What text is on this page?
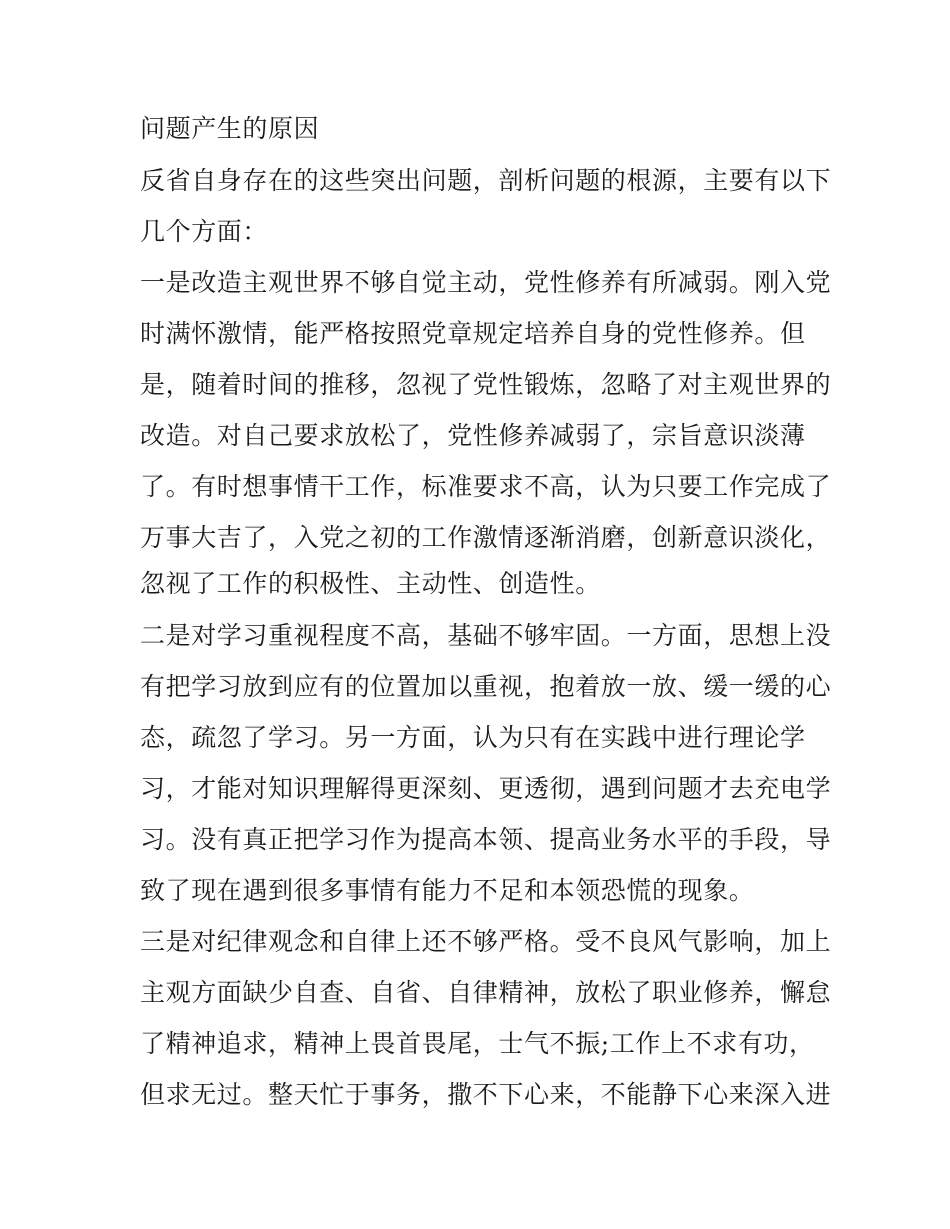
问题产生的原因

反省自身存在的这些突出问题，剖析问题的根源，主要有以下

几个方面：

一是改造主观世界不够自觉主动，党性修养有所减弱。刚入党

时满怀激情，能严格按照党章规定培养自身的党性修养。但

是，随着时间的推移，忽视了党性锻炼，忽略了对主观世界的

改造。对自己要求放松了，党性修养减弱了，宗旨意识淡薄

了。有时想事情干工作，标准要求不高，认为只要工作完成了

万事大吉了，入党之初的工作激情逐渐消磨，创新意识淡化，

忽视了工作的积极性、主动性、创造性。

二是对学习重视程度不高，基础不够牢固。一方面，思想上没

有把学习放到应有的位置加以重视，抱着放一放、缓一缓的心

态，疏忽了学习。另一方面，认为只有在实践中进行理论学

习，才能对知识理解得更深刻、更透彻，遇到问题才去充电学

习。没有真正把学习作为提高本领、提高业务水平的手段，导

致了现在遇到很多事情有能力不足和本领恐慌的现象。

三是对纪律观念和自律上还不够严格。受不良风气影响，加上

主观方面缺少自查、自省、自律精神，放松了职业修养，懈怠

了精神追求，精神上畏首畏尾，士气不振;工作上不求有功，

但求无过。整天忙于事务，撒不下心来，不能静下心来深入进
